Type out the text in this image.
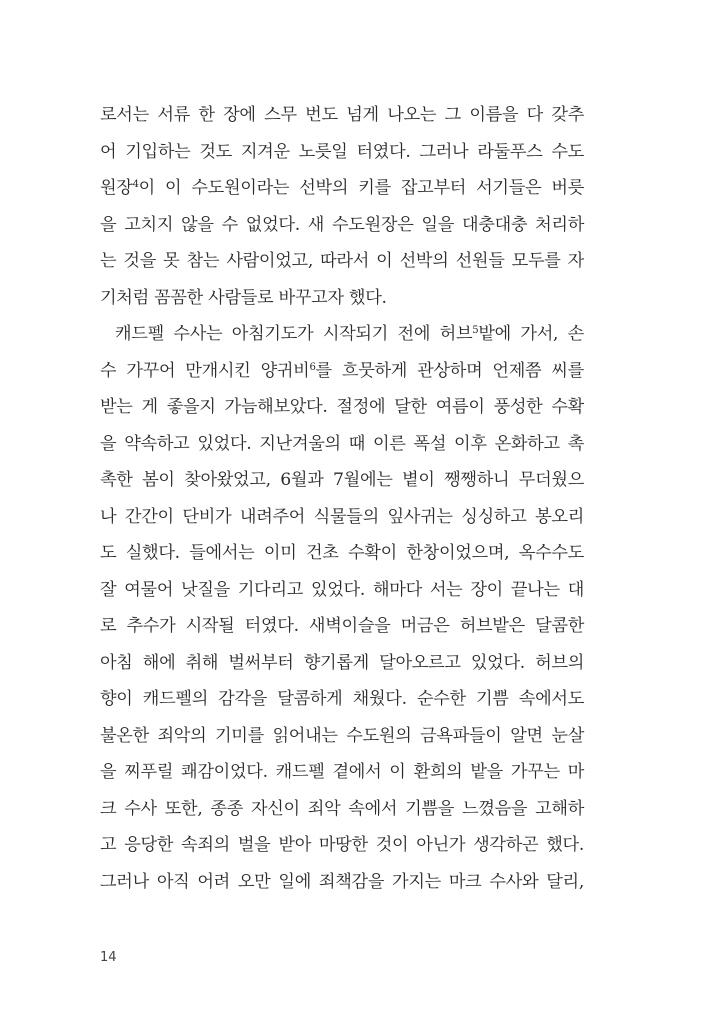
로서는 서류 한 장에 스무 번도 넘게 나오는 그 이름을 다 갖추
어 기입하는 것도 지겨운 노릇일 터였다. 그러나 라둘푸스 수도
원장$^4$이 이 수도원이라는 선박의 키를 잡고부터 서기들은 버릇
을 고치지 않을 수 없었다. 새 수도원장은 일을 대충대충 처리하
는 것을 못 참는 사람이었고, 따라서 이 선박의 선원들 모두를 자
기처럼 꼼꼼한 사람들로 바꾸고자 했다.
캐드펠 수사는 아침기도가 시작되기 전에 허브$^5$밭에 가서, 손
수 가꾸어 만개시킨 양귀비$^6$를 흐뭇하게 관상하며 언제쯤 씨를
받는 게 좋을지 가늠해보았다. 절정에 달한 여름이 풍성한 수확
을 약속하고 있었다. 지난겨울의 때 이른 폭설 이후 온화하고 촉
촉한 봄이 찾아왔었고, 6월과 7월에는 볕이 쨍쨍하니 무더웠으
나 간간이 단비가 내려주어 식물들의 잎사귀는 싱싱하고 봉오리
도 실했다. 들에서는 이미 건초 수확이 한창이었으며, 옥수수도
잘 여물어 낫질을 기다리고 있었다. 해마다 서는 장이 끝나는 대
로 추수가 시작될 터였다. 새벽이슬을 머금은 허브밭은 달콤한
아침 해에 취해 벌써부터 향기롭게 달아오르고 있었다. 허브의
향이 캐드펠의 감각을 달콤하게 채웠다. 순수한 기쁨 속에서도
불온한 죄악의 기미를 읽어내는 수도원의 금욕파들이 알면 눈살
을 찌푸릴 쾌감이었다. 캐드펠 곁에서 이 환희의 밭을 가꾸는 마
크 수사 또한, 종종 자신이 죄악 속에서 기쁨을 느꼈음을 고해하
고 응당한 속죄의 벌을 받아 마땅한 것이 아닌가 생각하곤 했다.
그러나 아직 어려 오만 일에 죄책감을 가지는 마크 수사와 달리,
14
